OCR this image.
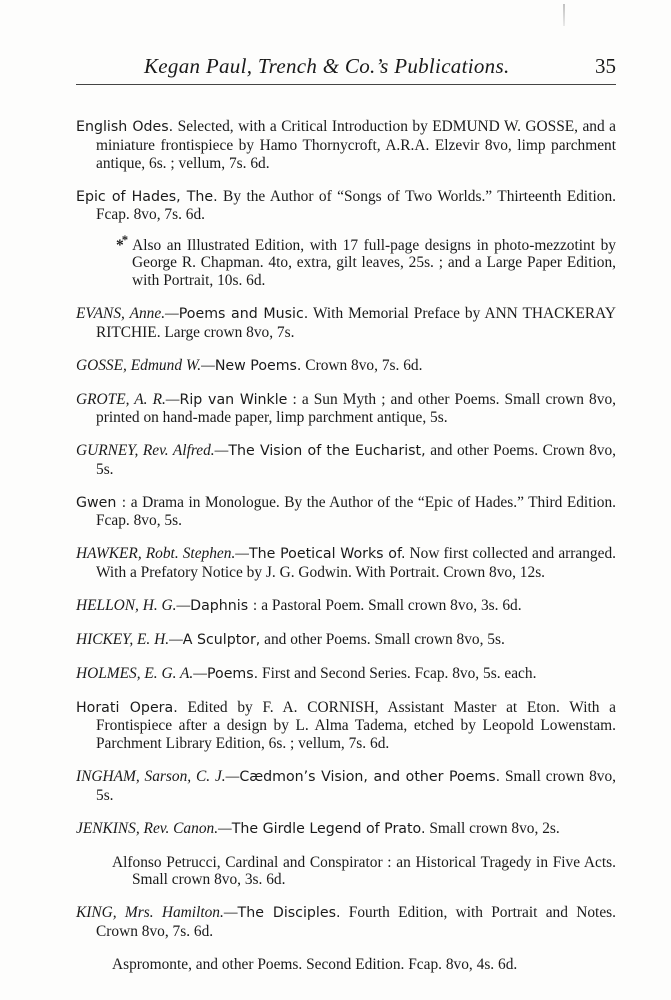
Kegan Paul, Trench & Co.’s Publications.	35

English Odes. Selected, with a Critical Introduction by EDMUND W. GOSSE, and a miniature frontispiece by Hamo Thornycroft, A.R.A. Elzevir 8vo, limp parchment antique, 6s. ; vellum, 7s. 6d.

Epic of Hades, The. By the Author of “Songs of Two Worlds.” Thirteenth Edition. Fcap. 8vo, 7s. 6d.

** Also an Illustrated Edition, with 17 full-page designs in photo-mezzotint by George R. Chapman. 4to, extra, gilt leaves, 25s. ; and a Large Paper Edition, with Portrait, 10s. 6d.

EVANS, Anne.—Poems and Music. With Memorial Preface by ANN THACKERAY RITCHIE. Large crown 8vo, 7s.

GOSSE, Edmund W.—New Poems. Crown 8vo, 7s. 6d.

GROTE, A. R.—Rip van Winkle : a Sun Myth ; and other Poems. Small crown 8vo, printed on hand-made paper, limp parchment antique, 5s.

GURNEY, Rev. Alfred.—The Vision of the Eucharist, and other Poems. Crown 8vo, 5s.

Gwen : a Drama in Monologue. By the Author of the “Epic of Hades.” Third Edition. Fcap. 8vo, 5s.

HAWKER, Robt. Stephen.—The Poetical Works of. Now first collected and arranged. With a Prefatory Notice by J. G. Godwin. With Portrait. Crown 8vo, 12s.

HELLON, H. G.—Daphnis : a Pastoral Poem. Small crown 8vo, 3s. 6d.

HICKEY, E. H.—A Sculptor, and other Poems. Small crown 8vo, 5s.

HOLMES, E. G. A.—Poems. First and Second Series. Fcap. 8vo, 5s. each.

Horati Opera. Edited by F. A. CORNISH, Assistant Master at Eton. With a Frontispiece after a design by L. Alma Tadema, etched by Leopold Lowenstam. Parchment Library Edition, 6s. ; vellum, 7s. 6d.

INGHAM, Sarson, C. J.—Cædmon’s Vision, and other Poems. Small crown 8vo, 5s.

JENKINS, Rev. Canon.—The Girdle Legend of Prato. Small crown 8vo, 2s.

Alfonso Petrucci, Cardinal and Conspirator : an Historical Tragedy in Five Acts. Small crown 8vo, 3s. 6d.

KING, Mrs. Hamilton.—The Disciples. Fourth Edition, with Portrait and Notes. Crown 8vo, 7s. 6d.

Aspromonte, and other Poems. Second Edition. Fcap. 8vo, 4s. 6d.
